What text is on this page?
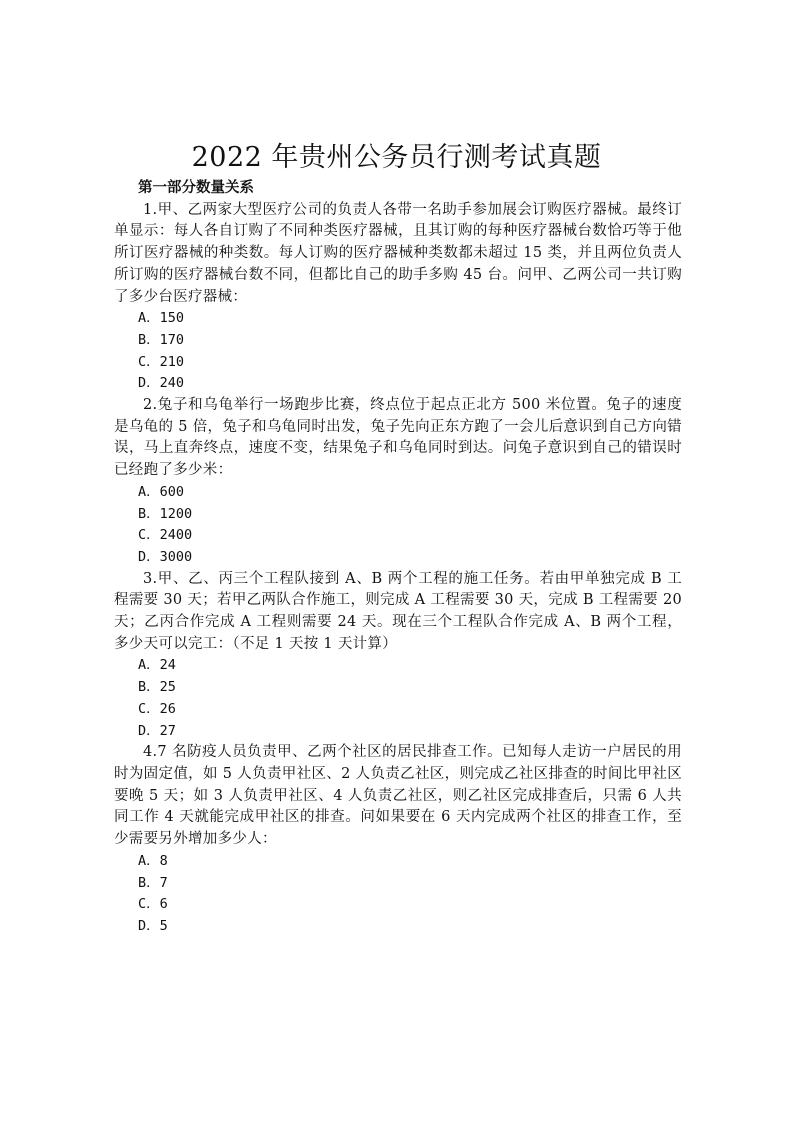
2022 年贵州公务员行测考试真题
第一部分数量关系
1.甲、乙两家大型医疗公司的负责人各带一名助手参加展会订购医疗器械。最终订单显示：每人各自订购了不同种类医疗器械，且其订购的每种医疗器械台数恰巧等于他所订医疗器械的种类数。每人订购的医疗器械种类数都未超过 15 类，并且两位负责人所订购的医疗器械台数不同，但都比自己的助手多购 45 台。问甲、乙两公司一共订购了多少台医疗器械：
A．150
B．170
C．210
D．240
2.兔子和乌龟举行一场跑步比赛，终点位于起点正北方 500 米位置。兔子的速度是乌龟的 5 倍，兔子和乌龟同时出发，兔子先向正东方跑了一会儿后意识到自己方向错误，马上直奔终点，速度不变，结果兔子和乌龟同时到达。问兔子意识到自己的错误时已经跑了多少米：
A．600
B．1200
C．2400
D．3000
3.甲、乙、丙三个工程队接到 A、B 两个工程的施工任务。若由甲单独完成 B 工程需要 30 天；若甲乙两队合作施工，则完成 A 工程需要 30 天，完成 B 工程需要 20 天；乙丙合作完成 A 工程则需要 24 天。现在三个工程队合作完成 A、B 两个工程，多少天可以完工：（不足 1 天按 1 天计算）
A．24
B．25
C．26
D．27
4.7 名防疫人员负责甲、乙两个社区的居民排查工作。已知每人走访一户居民的用时为固定值，如 5 人负责甲社区、2 人负责乙社区，则完成乙社区排查的时间比甲社区要晚 5 天；如 3 人负责甲社区、4 人负责乙社区，则乙社区完成排查后，只需 6 人共同工作 4 天就能完成甲社区的排查。问如果要在 6 天内完成两个社区的排查工作，至少需要另外增加多少人：
A．8
B．7
C．6
D．5
